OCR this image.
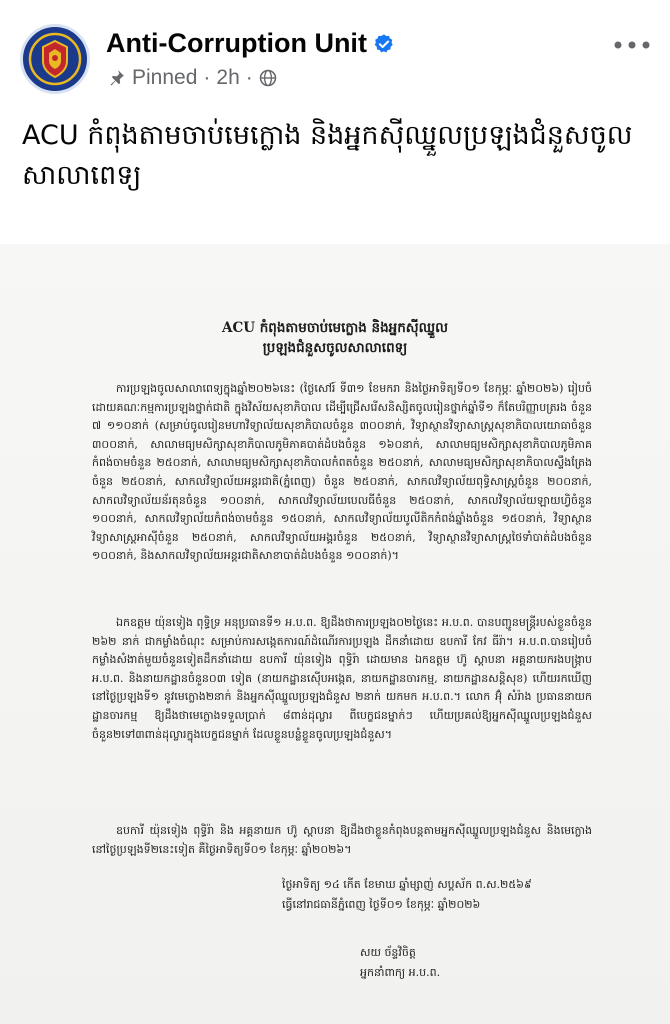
Anti-Corruption Unit
Pinned · 2h ·
ACU កំពុងតាមចាប់មេក្លោង និងអ្នកស៊ីឈ្នួលប្រឡងជំនួសចូលសាលាពេទ្យ
ACU កំពុងតាមចាប់មេក្លោង និងអ្នកស៊ីឈ្នួល
ប្រឡងជំនួសចូលសាលាពេទ្យ
ការប្រឡងចូលសាលាពេទ្យក្នុងឆ្នាំ២០២៦នេះ (ថ្ងៃសៅរ៍ ទី៣១ ខែមករា និងថ្ងៃអាទិត្យទី០១ ខែកុម្ភៈ ឆ្នាំ២០២៦) រៀបចំដោយគណៈកម្មការប្រឡងថ្នាក់ជាតិ ក្នុងវិស័យសុខាភិបាល ដើម្បីជ្រើសរើសនិស្សិតចូលរៀនថ្នាក់ឆ្នាំទី១ ក៏តែបរិញ្ញាបត្ររង ចំនួន ៧ ១១០នាក់ (សម្រាប់ចូលរៀនមហាវិទ្យាល័យសុខាភិបាលចំនួន ៣០០នាក់, វិទ្យាស្ថានវិទ្យាសាស្ត្រសុខាភិបាលយោធាចំនួន ៣០០នាក់, សាលាមធ្យមសិក្សាសុខាភិបាលភូមិភាគបាត់ដំបងចំនួន ១៦០នាក់, សាលាមធ្យមសិក្សាសុខាភិបាលភូមិភាគកំពង់ចាមចំនួន ២៥០នាក់, សាលាមធ្យមសិក្សាសុខាភិបាលកំពតចំនួន ២៥០នាក់, សាលាមធ្យមសិក្សាសុខាភិបាលស្ទឹងត្រែងចំនួន ២៥០នាក់, សាកលវិទ្យាល័យអន្តរជាតិ(ភ្នំពេញ) ចំនួន ២៥០នាក់, សាកលវិទ្យាល័យពុទ្ធិសាស្ត្រចំនួន ២០០នាក់, សាកលវិទ្យាល័យន័រតុនចំនួន ១០០នាក់, សាកលវិទ្យាល័យបេលធីចំនួន ២៥០នាក់, សាកលវិទ្យាល័យឡាយហ្វិចំនួន ១០០នាក់, សាកលវិទ្យាល័យកំពង់ចាមចំនួន ១៥០នាក់, សាកលវិទ្យាល័យបូលីតិកកំពង់ឆ្នាំងចំនួន ១៥០នាក់, វិទ្យាស្ថានវិទ្យាសាស្ត្រអាស៊ីចំនួន ២៥០នាក់, សាកលវិទ្យាល័យអង្គរចំនួន ២៥០នាក់, វិទ្យាស្ថានវិទ្យាសាស្ត្រថៃទាំបាត់ដំបងចំនួន ១០០នាក់, និងសាកលវិទ្យាល័យអន្តរជាតិសាខាបាត់ដំបងចំនួន ១០០នាក់)។
ឯកឧត្តម យ៉ុនទៀង ពុទ្ធិទ្រ អនុប្រធានទី១ អ.ប.ព. ឱ្យដឹងថាការប្រឡង០២ថ្ងៃនេះ អ.ប.ព. បានបញ្ជូនមន្ត្រីរបស់ខ្លួនចំនួន ២៦២ នាក់ ជាកម្លាំងចំណុះ សម្រាប់ការសង្កេតការណ៍ដំណើរការប្រឡង ដឹកនាំដោយ ឧបការី កែវ ធីរ៉ា។ អ.ប.ព.បានរៀបចំកម្លាំងសំងាត់មួយចំនួនទៀតដឹកនាំដោយ ឧបការី យ៉ុនទៀង ពុទ្ធិរ៉ា ដោយមាន ឯកឧត្តម ហ៊ូ ស្តាបនា អគ្គនាយករងបង្ក្រាប អ.ប.ព. និងនាយកដ្ឋានចំនួន០៣ ទៀត (នាយកដ្ឋានស៊ើបអង្កេត, នាយកដ្ឋានចារកម្ម, នាយកដ្ឋានសន្តិសុខ) ហើយរកឃើញនៅថ្ងៃប្រឡងទី១ នូវមេក្លោង២នាក់ និងអ្នកស៊ីឈ្នួលប្រឡងជំនួស ២នាក់ យកមក អ.ប.ព.។ លោក អ៊ុំ សំរ៉ាង ប្រធាននាយកដ្ឋានចារកម្ម ឱ្យដឹងថាមេក្លោងទទួលប្រាក់ ៨ពាន់ដុល្លារ ពីបេក្ខជនម្នាក់ៗ ហើយប្រគល់ឱ្យអ្នកស៊ីឈ្នួលប្រឡងជំនួសចំនួន២ទៅ៣ពាន់ដុល្លារក្នុងបេក្ខជនម្នាក់ ដែលខ្លួនបន្លំខ្លួនចូលប្រឡងជំនួស។
ឧបការី យ៉ុនទៀង ពុទ្ធិរ៉ា និង អគ្គនាយក ហ៊ូ ស្តាបនា ឱ្យដឹងថាខ្លួនកំពុងបន្តតាមអ្នកស៊ីឈ្នួលប្រឡងជំនួស និងមេក្លោង នៅថ្ងៃប្រឡងទី២នេះទៀត គឺថ្ងៃអាទិត្យទី០១ ខែកុម្ភៈ ឆ្នាំ២០២៦។
ថ្ងៃអាទិត្យ ១៤ កើត ខែមាឃ ឆ្នាំម្សាញ់ សប្តស័ក ព.ស.២៥៦៩
ធ្វើនៅរាជធានីភ្នំពេញ ថ្ងៃទី០១ ខែកុម្ភៈ ឆ្នាំ២០២៦
សយ ច័ន្ទវិចិត្ត
អ្នកនាំពាក្យ អ.ប.ព.
